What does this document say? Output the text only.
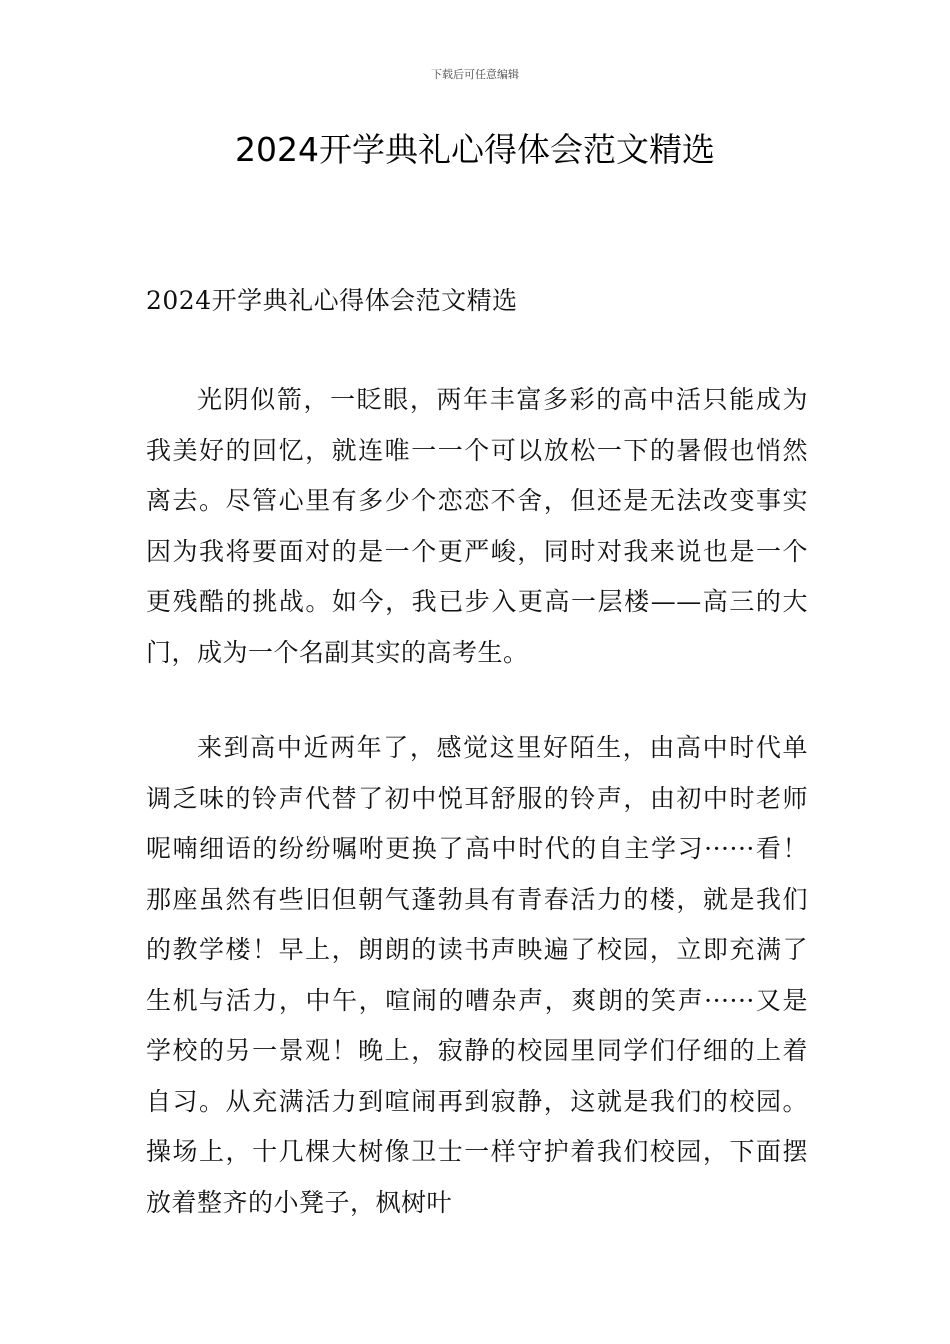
下载后可任意编辑
2024开学典礼心得体会范文精选
2024开学典礼心得体会范文精选

光阴似箭，一眨眼，两年丰富多彩的高中活只能成为我美好的回忆，就连唯一一个可以放松一下的暑假也悄然离去。尽管心里有多少个恋恋不舍，但还是无法改变事实因为我将要面对的是一个更严峻，同时对我来说也是一个更残酷的挑战。如今，我已步入更高一层楼——高三的大门，成为一个名副其实的高考生。

来到高中近两年了，感觉这里好陌生，由高中时代单调乏味的铃声代替了初中悦耳舒服的铃声，由初中时老师呢喃细语的纷纷嘱咐更换了高中时代的自主学习······看！那座虽然有些旧但朝气蓬勃具有青春活力的楼，就是我们的教学楼！早上，朗朗的读书声映遍了校园，立即充满了生机与活力，中午，喧闹的嘈杂声，爽朗的笑声······又是学校的另一景观！晚上，寂静的校园里同学们仔细的上着自习。从充满活力到喧闹再到寂静，这就是我们的校园。操场上，十几棵大树像卫士一样守护着我们校园，下面摆放着整齐的小凳子，枫树叶
